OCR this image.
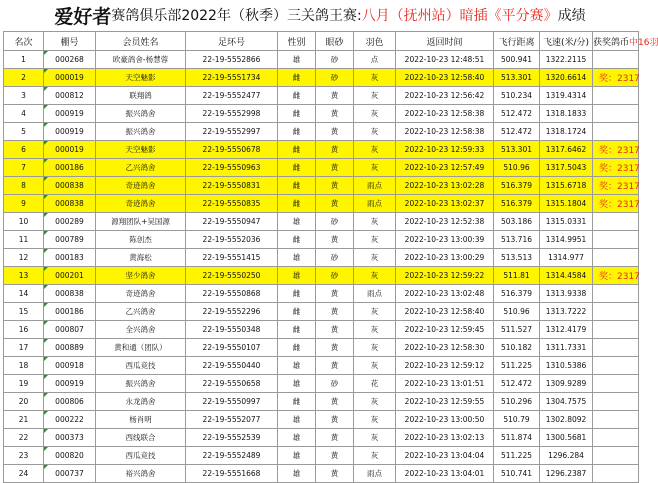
爱好者 赛鸽俱乐部2022年（秋季）三关鸽王赛: 八月（抚州站）暗插《平分赛》 成绩
名次	棚号	会员姓名	足环号	性别	眼砂	羽色	返回时间	飞行距离	飞速(米/分)	获奖鸽币中16羽
1	000268	欧豪鸽舍-杨慧蓉	22-19-5552866	雄	砂	点	2022-10-23 12:48:51	500.941	1322.2115	
2	000019	天空魅影	22-19-5551734	雌	砂	灰	2022-10-23 12:58:40	513.301	1320.6614	奖：2317
3	000812	联翔鸽	22-19-5552477	雌	黄	灰	2022-10-23 12:56:42	510.234	1319.4314	
4	000919	振兴鸽舍	22-19-5552998	雌	黄	灰	2022-10-23 12:58:38	512.472	1318.1833	
5	000919	振兴鸽舍	22-19-5552997	雌	黄	灰	2022-10-23 12:58:38	512.472	1318.1724	
6	000019	天空魅影	22-19-5550678	雌	黄	灰	2022-10-23 12:59:33	513.301	1317.6462	奖：2317
7	000186	乙兴鸽舍	22-19-5550963	雌	黄	灰	2022-10-23 12:57:49	510.96	1317.5043	奖：2317
8	000838	奇迹鸽舍	22-19-5550831	雌	黄	雨点	2022-10-23 13:02:28	516.379	1315.6718	奖：2317
9	000838	奇迹鸽舍	22-19-5550835	雌	黄	雨点	2022-10-23 13:02:37	516.379	1315.1804	奖：2317
10	000289	源翔团队+吴国源	22-19-5550947	雄	砂	灰	2022-10-23 12:52:38	503.186	1315.0331	
11	000789	陈创杰	22-19-5552036	雌	黄	灰	2022-10-23 13:00:39	513.716	1314.9951	
12	000183	黄海松	22-19-5551415	雄	砂	灰	2022-10-23 13:00:29	513.513	1314.977	
13	000201	坚少鸽舍	22-19-5550250	雄	砂	灰	2022-10-23 12:59:22	511.81	1314.4584	奖：2317
14	000838	奇迹鸽舍	22-19-5550868	雌	黄	雨点	2022-10-23 13:02:48	516.379	1313.9338	
15	000186	乙兴鸽舍	22-19-5552296	雌	黄	灰	2022-10-23 12:58:40	510.96	1313.7222	
16	000807	全兴鸽舍	22-19-5550348	雌	黄	灰	2022-10-23 12:59:45	511.527	1312.4179	
17	000889	黄和通（团队）	22-19-5550107	雌	黄	灰	2022-10-23 12:58:30	510.182	1311.7331	
18	000918	西瓜竞技	22-19-5550440	雄	黄	灰	2022-10-23 12:59:12	511.225	1310.5386	
19	000919	振兴鸽舍	22-19-5550658	雄	砂	花	2022-10-23 13:01:51	512.472	1309.9289	
20	000806	永龙鸽舍	22-19-5550997	雌	黄	灰	2022-10-23 12:59:55	510.296	1304.7575	
21	000222	杨肖明	22-19-5552077	雄	黄	灰	2022-10-23 13:00:50	510.79	1302.8092	
22	000373	西线联合	22-19-5552539	雄	黄	灰	2022-10-23 13:02:13	511.874	1300.5681	
23	000820	西瓜竞技	22-19-5552489	雄	黄	灰	2022-10-23 13:04:04	511.225	1296.284	
24	000737	裕兴鸽舍	22-19-5551668	雄	黄	雨点	2022-10-23 13:04:01	510.741	1296.2387	
